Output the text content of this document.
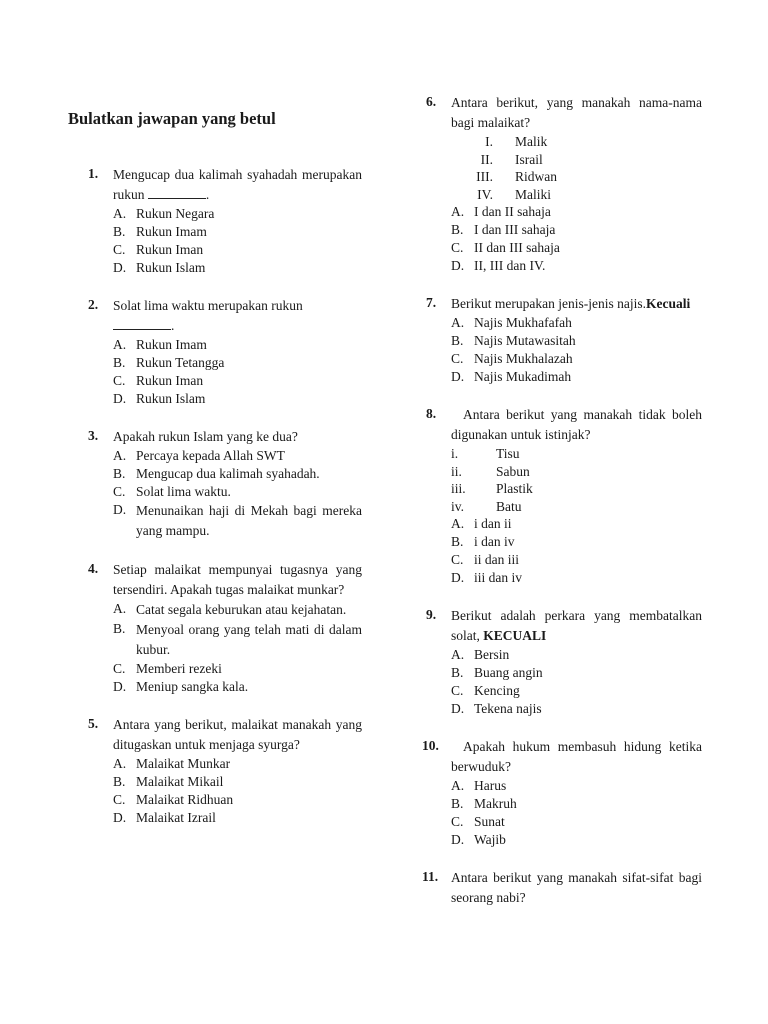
Bulatkan jawapan yang betul
1. Mengucap dua kalimah syahadah merupakan rukun	.
A. Rukun Negara
B. Rukun Imam
C. Rukun Iman
D. Rukun Islam
2. Solat lima waktu merupakan rukun
.
A. Rukun Imam
B. Rukun Tetangga
C. Rukun Iman
D. Rukun Islam
3. Apakah rukun Islam yang ke dua?
A. Percaya kepada Allah SWT
B. Mengucap dua kalimah syahadah.
C. Solat lima waktu.
D. Menunaikan haji di Mekah bagi mereka yang mampu.
4. Setiap malaikat mempunyai tugasnya yang tersendiri. Apakah tugas malaikat munkar?
A. Catat segala keburukan atau kejahatan.
B. Menyoal orang yang telah mati di dalam kubur.
C. Memberi rezeki
D. Meniup sangka kala.
5. Antara yang berikut, malaikat manakah yang ditugaskan untuk menjaga syurga?
A. Malaikat Munkar
B. Malaikat Mikail
C. Malaikat Ridhuan
D. Malaikat Izrail
6. Antara berikut, yang manakah nama-nama bagi malaikat?
I.	Malik
II.	Israil
III.	Ridwan
IV.	Maliki
A. I dan II sahaja
B. I dan III sahaja
C. II dan III sahaja
D. II, III dan IV.
7. Berikut merupakan jenis-jenis najis.Kecuali
A. Najis Mukhafafah
B. Najis Mutawasitah
C. Najis Mukhalazah
D. Najis Mukadimah
8.	Antara berikut yang manakah tidak boleh digunakan untuk istinjak?
i.	Tisu
ii.	Sabun
iii.	Plastik
iv.	Batu
A. i dan ii
B. i dan iv
C. ii dan iii
D. iii dan iv
9. Berikut adalah perkara yang membatalkan solat, KECUALI
A. Bersin
B. Buang angin
C. Kencing
D. Tekena najis
10.	Apakah hukum membasuh hidung ketika berwuduk?
A. Harus
B. Makruh
C. Sunat
D. Wajib
11. Antara berikut yang manakah sifat-sifat bagi seorang nabi?
